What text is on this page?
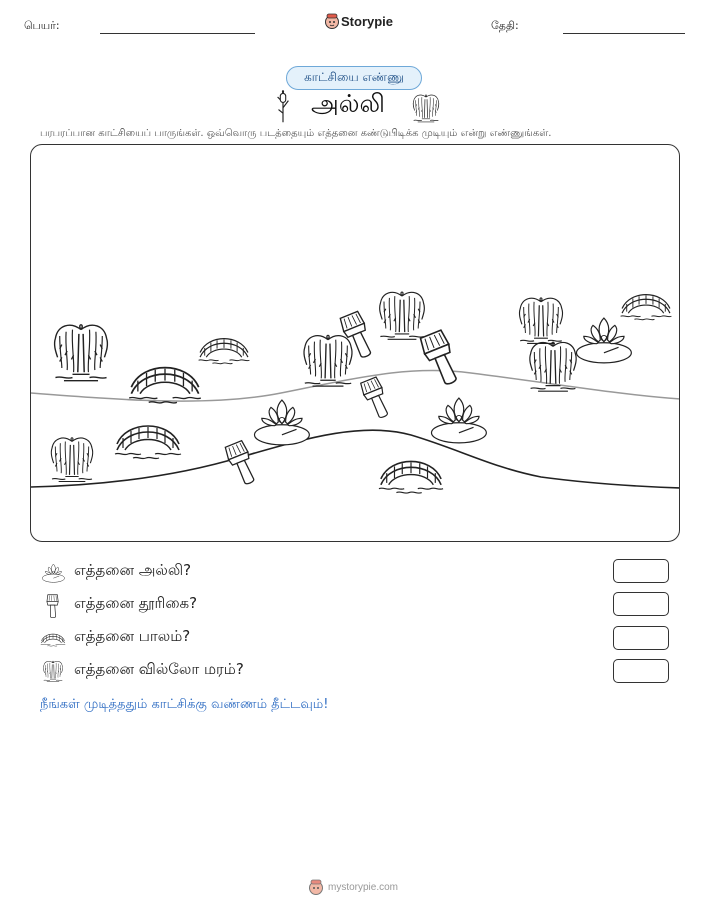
பெயர்:	Storypie	தேதி:
காட்சியை எண்ணு
அல்லி
பரபரப்பான காட்சியைப் பாருங்கள். ஒவ்வொரு படத்தையும் எத்தனை கண்டுபிடிக்க முடியும் என்று எண்ணுங்கள்.
எத்தனை அல்லி?
எத்தனை தூரிகை?
எத்தனை பாலம்?
எத்தனை வில்லோ மரம்?
நீங்கள் முடித்ததும் காட்சிக்கு வண்ணம் தீட்டவும்!
mystorypie.com
